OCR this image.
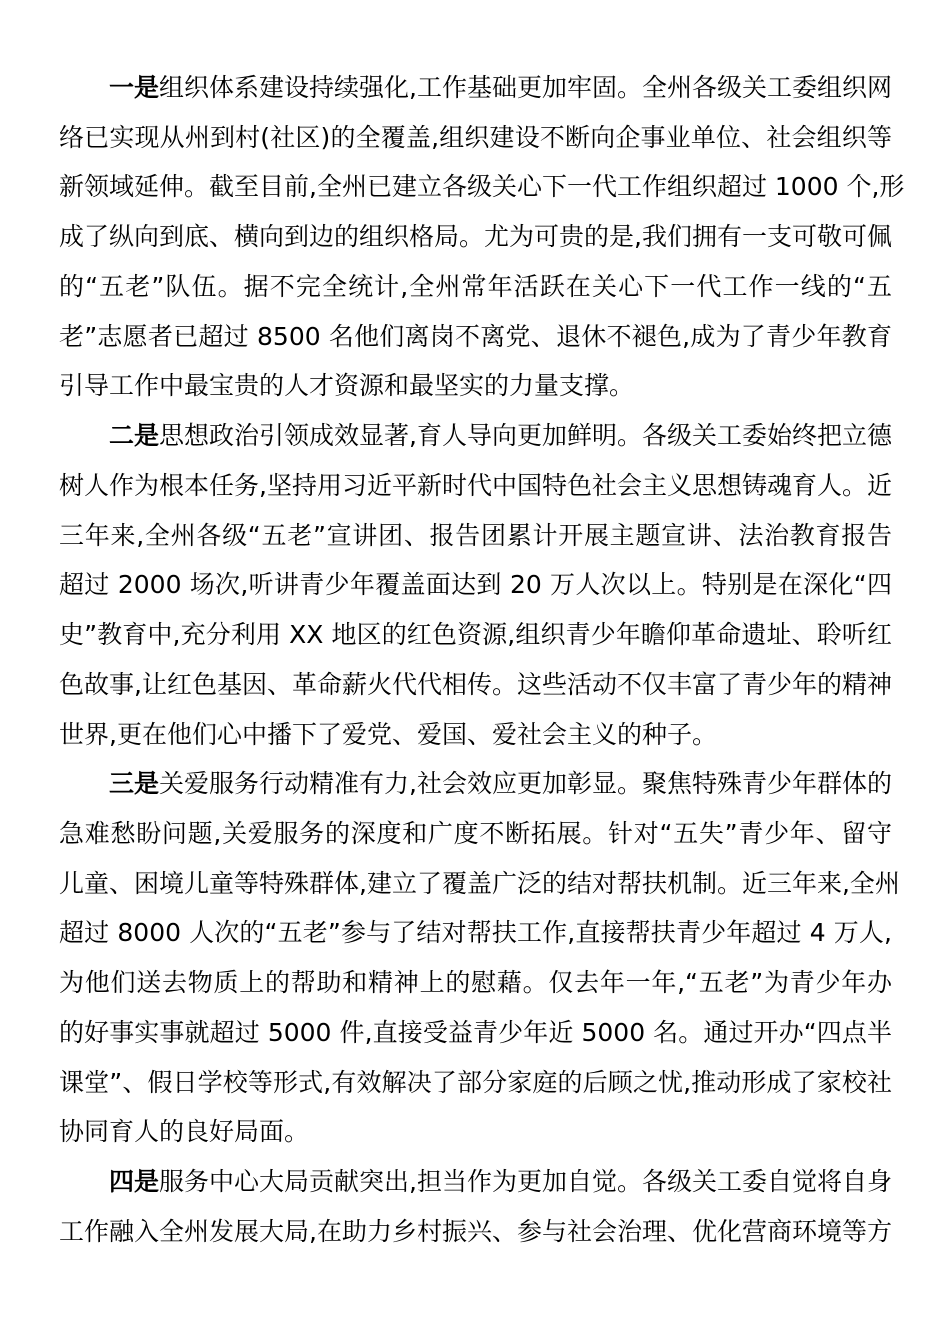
一是组织体系建设持续强化,工作基础更加牢固。全州各级关工委组织网
络已实现从州到村(社区)的全覆盖,组织建设不断向企事业单位、社会组织等
新领域延伸。截至目前,全州已建立各级关心下一代工作组织超过 1000 个,形
成了纵向到底、横向到边的组织格局。尤为可贵的是,我们拥有一支可敬可佩
的“五老”队伍。据不完全统计,全州常年活跃在关心下一代工作一线的“五
老”志愿者已超过 8500 名他们离岗不离党、退休不褪色,成为了青少年教育
引导工作中最宝贵的人才资源和最坚实的力量支撑。
二是思想政治引领成效显著,育人导向更加鲜明。各级关工委始终把立德
树人作为根本任务,坚持用习近平新时代中国特色社会主义思想铸魂育人。近
三年来,全州各级“五老”宣讲团、报告团累计开展主题宣讲、法治教育报告
超过 2000 场次,听讲青少年覆盖面达到 20 万人次以上。特别是在深化“四
史”教育中,充分利用 XX 地区的红色资源,组织青少年瞻仰革命遗址、聆听红
色故事,让红色基因、革命薪火代代相传。这些活动不仅丰富了青少年的精神
世界,更在他们心中播下了爱党、爱国、爱社会主义的种子。
三是关爱服务行动精准有力,社会效应更加彰显。聚焦特殊青少年群体的
急难愁盼问题,关爱服务的深度和广度不断拓展。针对“五失”青少年、留守
儿童、困境儿童等特殊群体,建立了覆盖广泛的结对帮扶机制。近三年来,全州
超过 8000 人次的“五老”参与了结对帮扶工作,直接帮扶青少年超过 4 万人,
为他们送去物质上的帮助和精神上的慰藉。仅去年一年,“五老”为青少年办
的好事实事就超过 5000 件,直接受益青少年近 5000 名。通过开办“四点半
课堂”、假日学校等形式,有效解决了部分家庭的后顾之忧,推动形成了家校社
协同育人的良好局面。
四是服务中心大局贡献突出,担当作为更加自觉。各级关工委自觉将自身
工作融入全州发展大局,在助力乡村振兴、参与社会治理、优化营商环境等方
